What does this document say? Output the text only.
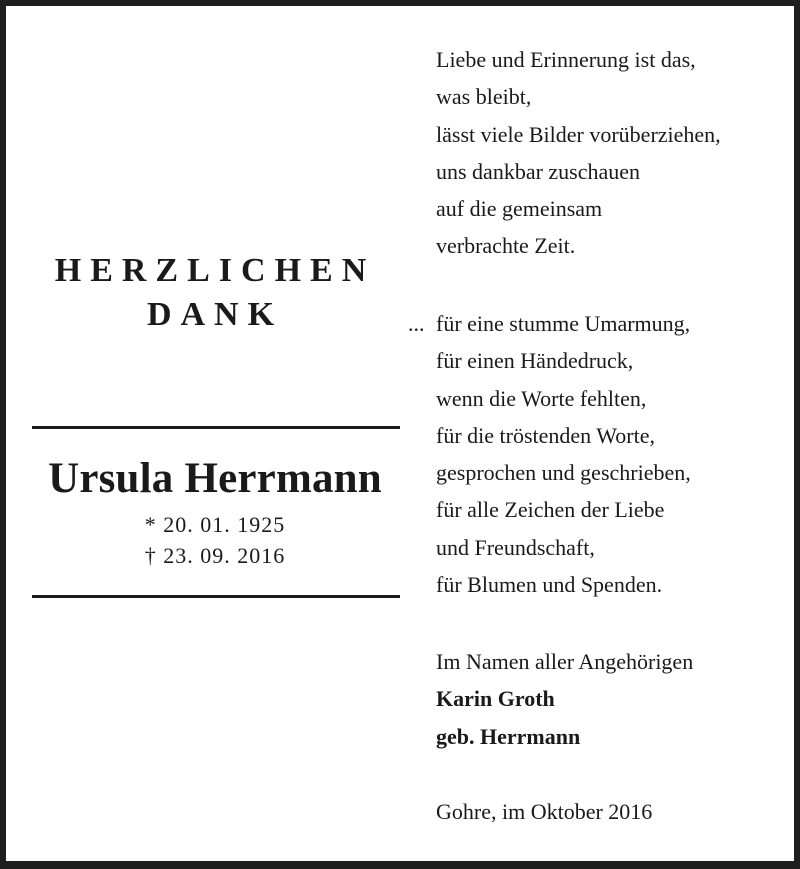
HERZLICHEN
DANK
Ursula Herrmann
* 20. 01. 1925
† 23. 09. 2016
Liebe und Erinnerung ist das,
was bleibt,
lässt viele Bilder vorüberziehen,
uns dankbar zuschauen
auf die gemeinsam
verbrachte Zeit.
... für eine stumme Umarmung,
für einen Händedruck,
wenn die Worte fehlten,
für die tröstenden Worte,
gesprochen und geschrieben,
für alle Zeichen der Liebe
und Freundschaft,
für Blumen und Spenden.
Im Namen aller Angehörigen
Karin Groth
geb. Herrmann
Gohre, im Oktober 2016
